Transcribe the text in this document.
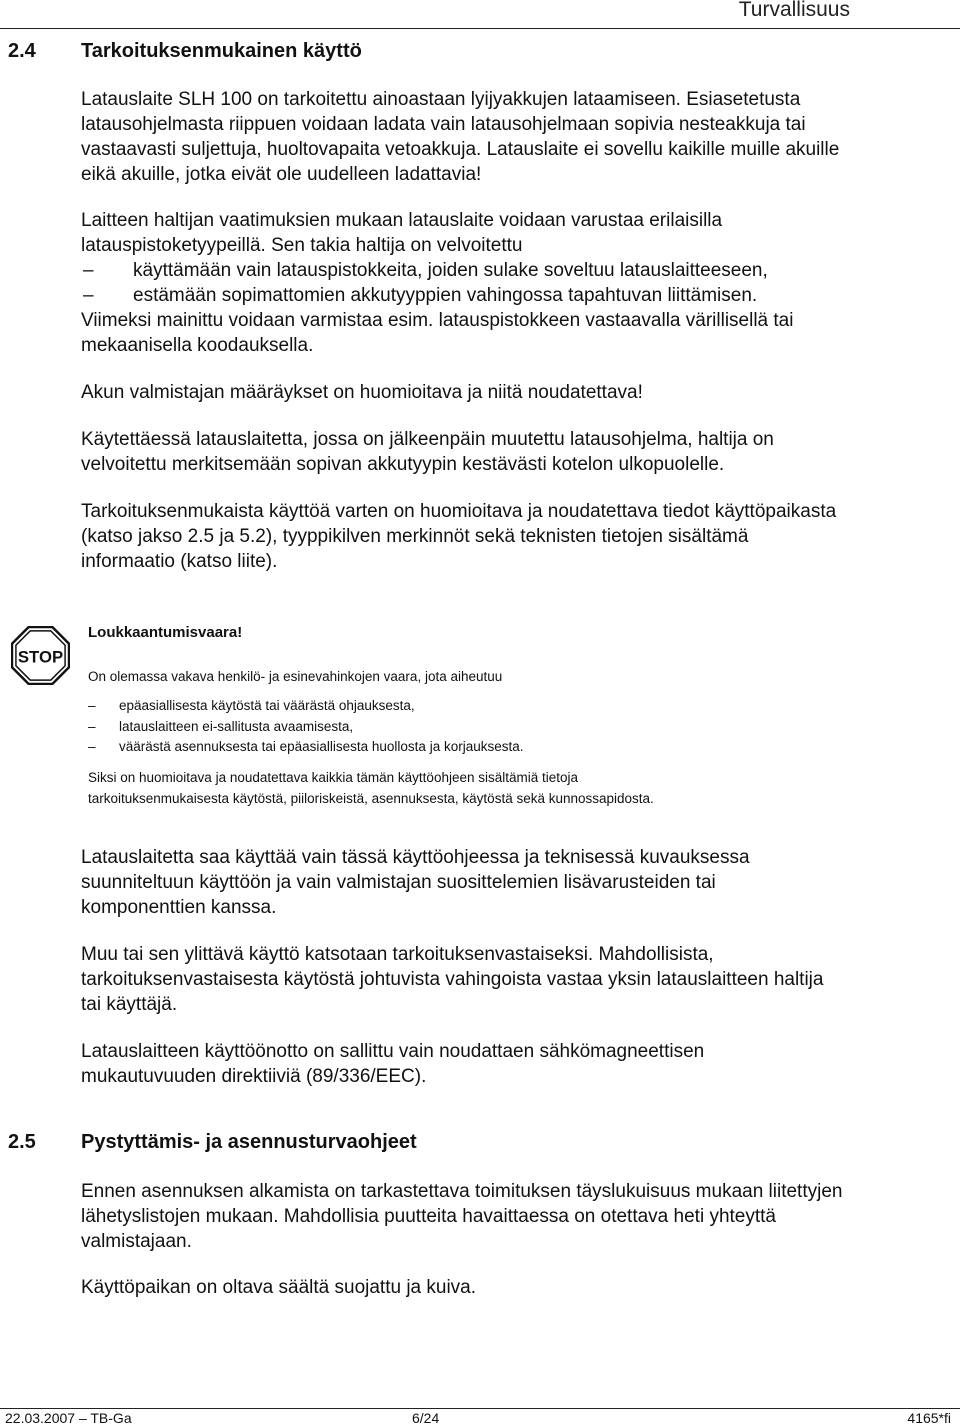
Turvallisuus
2.4 Tarkoituksenmukainen käyttö
Latauslaite SLH 100 on tarkoitettu ainoastaan lyijyakkujen lataamiseen. Esiasetetusta
latausohjelmasta riippuen voidaan ladata vain latausohjelmaan sopivia nesteakkuja tai
vastaavasti suljettuja, huoltovapaita vetoakkuja. Latauslaite ei sovellu kaikille muille akuille
eikä akuille, jotka eivät ole uudelleen ladattavia!
Laitteen haltijan vaatimuksien mukaan latauslaite voidaan varustaa erilaisilla
latauspistoketyypeillä. Sen takia haltija on velvoitettu
– käyttämään vain latauspistokkeita, joiden sulake soveltuu latauslaitteeseen,
– estämään sopimattomien akkutyyppien vahingossa tapahtuvan liittämisen.
Viimeksi mainittu voidaan varmistaa esim. latauspistokkeen vastaavalla värillisellä tai
mekaanisella koodauksella.
Akun valmistajan määräykset on huomioitava ja niitä noudatettava!
Käytettäessä latauslaitetta, jossa on jälkeenpäin muutettu latausohjelma, haltija on
velvoitettu merkitsemään sopivan akkutyypin kestävästi kotelon ulkopuolelle.
Tarkoituksenmukaista käyttöä varten on huomioitava ja noudatettava tiedot käyttöpaikasta
(katso jakso 2.5 ja 5.2), tyyppikilven merkinnöt sekä teknisten tietojen sisältämä
informaatio (katso liite).
STOP
Loukkaantumisvaara!
On olemassa vakava henkilö- ja esinevahinkojen vaara, jota aiheutuu
– epäasiallisesta käytöstä tai väärästä ohjauksesta,
– latauslaitteen ei-sallitusta avaamisesta,
– väärästä asennuksesta tai epäasiallisesta huollosta ja korjauksesta.
Siksi on huomioitava ja noudatettava kaikkia tämän käyttöohjeen sisältämiä tietoja
tarkoituksenmukaisesta käytöstä, piiloriskeistä, asennuksesta, käytöstä sekä kunnossapidosta.
Latauslaitetta saa käyttää vain tässä käyttöohjeessa ja teknisessä kuvauksessa
suunniteltuun käyttöön ja vain valmistajan suosittelemien lisävarusteiden tai
komponenttien kanssa.
Muu tai sen ylittävä käyttö katsotaan tarkoituksenvastaiseksi. Mahdollisista,
tarkoituksenvastaisesta käytöstä johtuvista vahingoista vastaa yksin latauslaitteen haltija
tai käyttäjä.
Latauslaitteen käyttöönotto on sallittu vain noudattaen sähkömagneettisen
mukautuvuuden direktiiviä (89/336/EEC).
2.5 Pystyttämis- ja asennusturvaohjeet
Ennen asennuksen alkamista on tarkastettava toimituksen täyslukuisuus mukaan liitettyjen
lähetyslistojen mukaan. Mahdollisia puutteita havaittaessa on otettava heti yhteyttä
valmistajaan.
Käyttöpaikan on oltava säältä suojattu ja kuiva.
22.03.2007 – TB-Ga	6/24	4165*fi
